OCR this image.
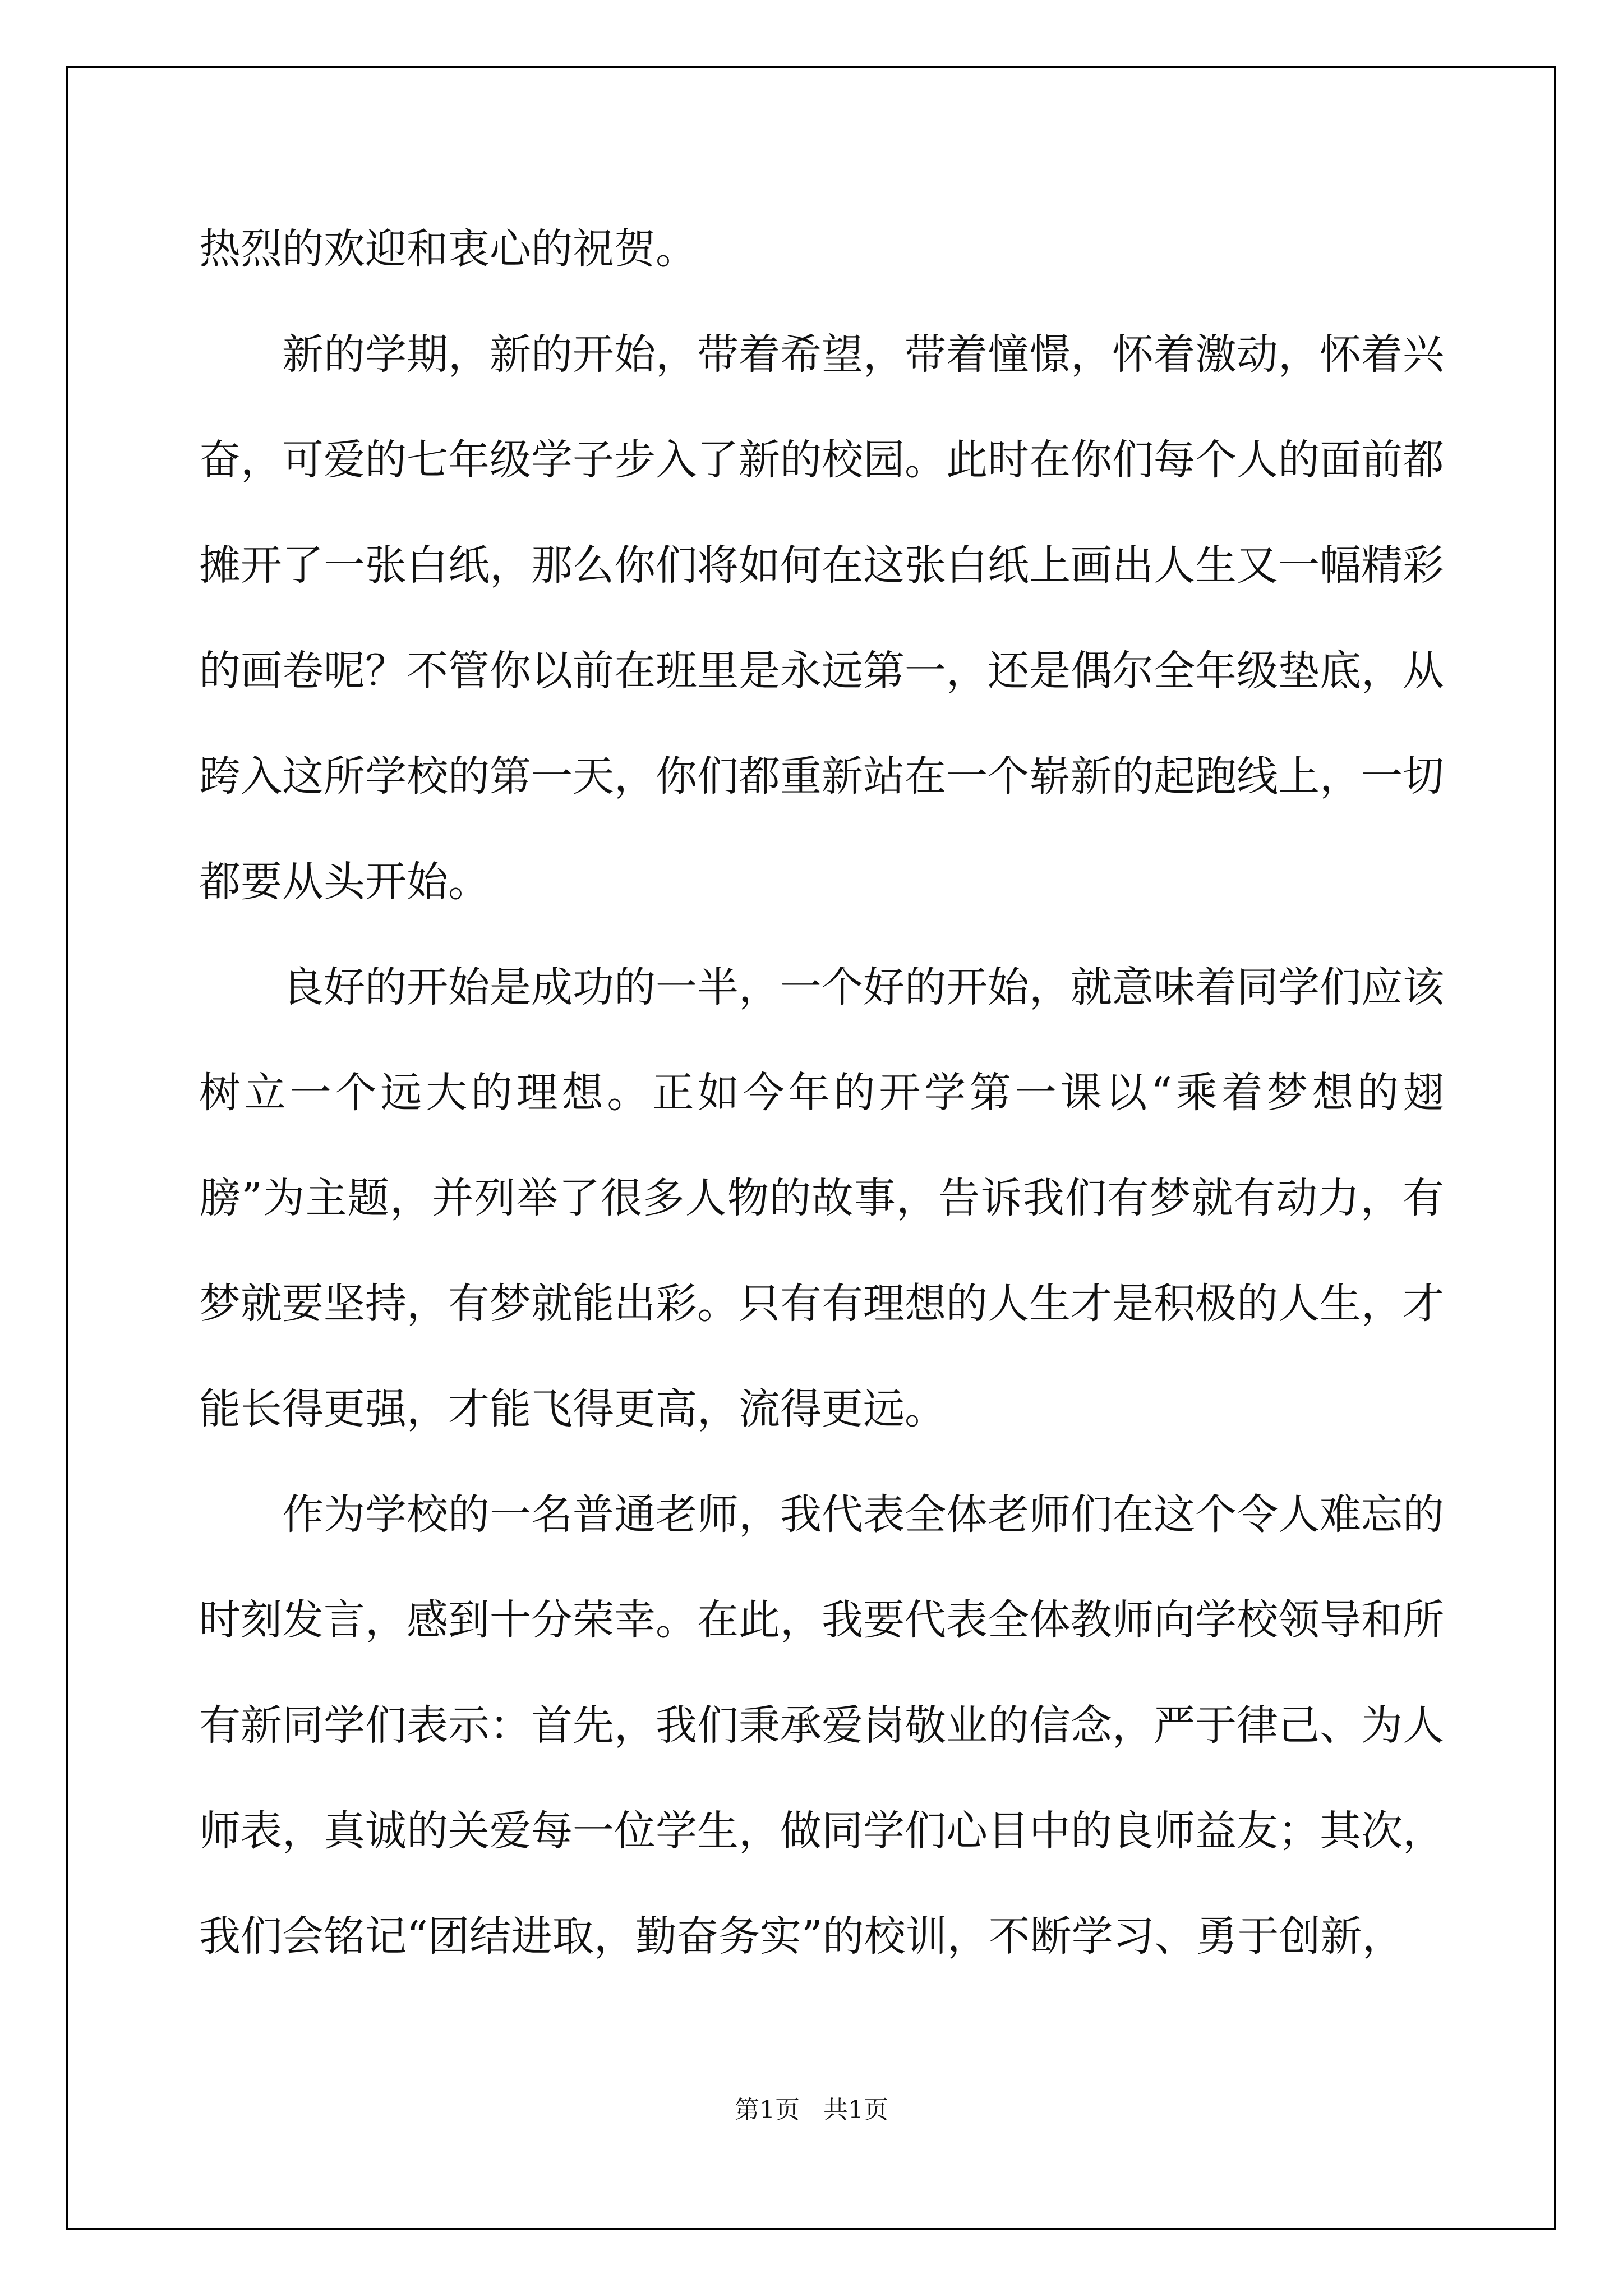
热烈的欢迎和衷心的祝贺。

新的学期，新的开始，带着希望，带着憧憬，怀着激动，怀着兴奋，可爱的七年级学子步入了新的校园。此时在你们每个人的面前都摊开了一张白纸，那么你们将如何在这张白纸上画出人生又一幅精彩的画卷呢？不管你以前在班里是永远第一，还是偶尔全年级垫底，从跨入这所学校的第一天，你们都重新站在一个崭新的起跑线上，一切都要从头开始。

良好的开始是成功的一半，一个好的开始，就意味着同学们应该树立一个远大的理想。正如今年的开学第一课以“乘着梦想的翅膀”为主题，并列举了很多人物的故事，告诉我们有梦就有动力，有梦就要坚持，有梦就能出彩。只有有理想的人生才是积极的人生，才能长得更强，才能飞得更高，流得更远。

作为学校的一名普通老师，我代表全体老师们在这个令人难忘的时刻发言，感到十分荣幸。在此，我要代表全体教师向学校领导和所有新同学们表示：首先，我们秉承爱岗敬业的信念，严于律己、为人师表，真诚的关爱每一位学生，做同学们心目中的良师益友；其次，我们会铭记“团结进取，勤奋务实”的校训，不断学习、勇于创新，

第1页   共1页
